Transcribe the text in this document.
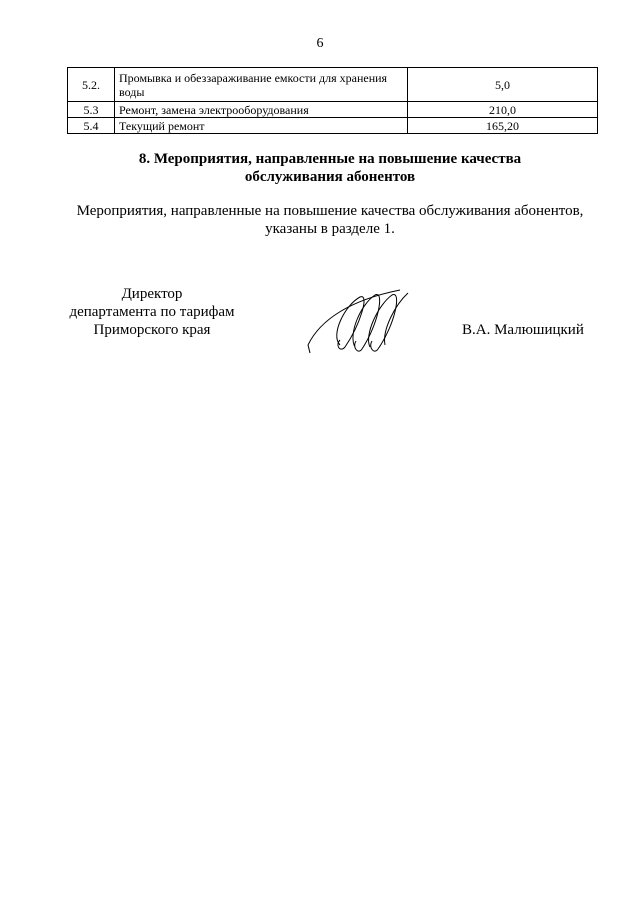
6
5.2.	Промывка и обеззараживание емкости для хранения воды	5,0
5.3	Ремонт, замена электрооборудования	210,0
5.4	Текущий ремонт	165,20
8. Мероприятия, направленные на повышение качества
обслуживания абонентов
Мероприятия, направленные на повышение качества обслуживания абонентов,
указаны в разделе 1.
Директор
департамента по тарифам
Приморского края	В.А. Малюшицкий
